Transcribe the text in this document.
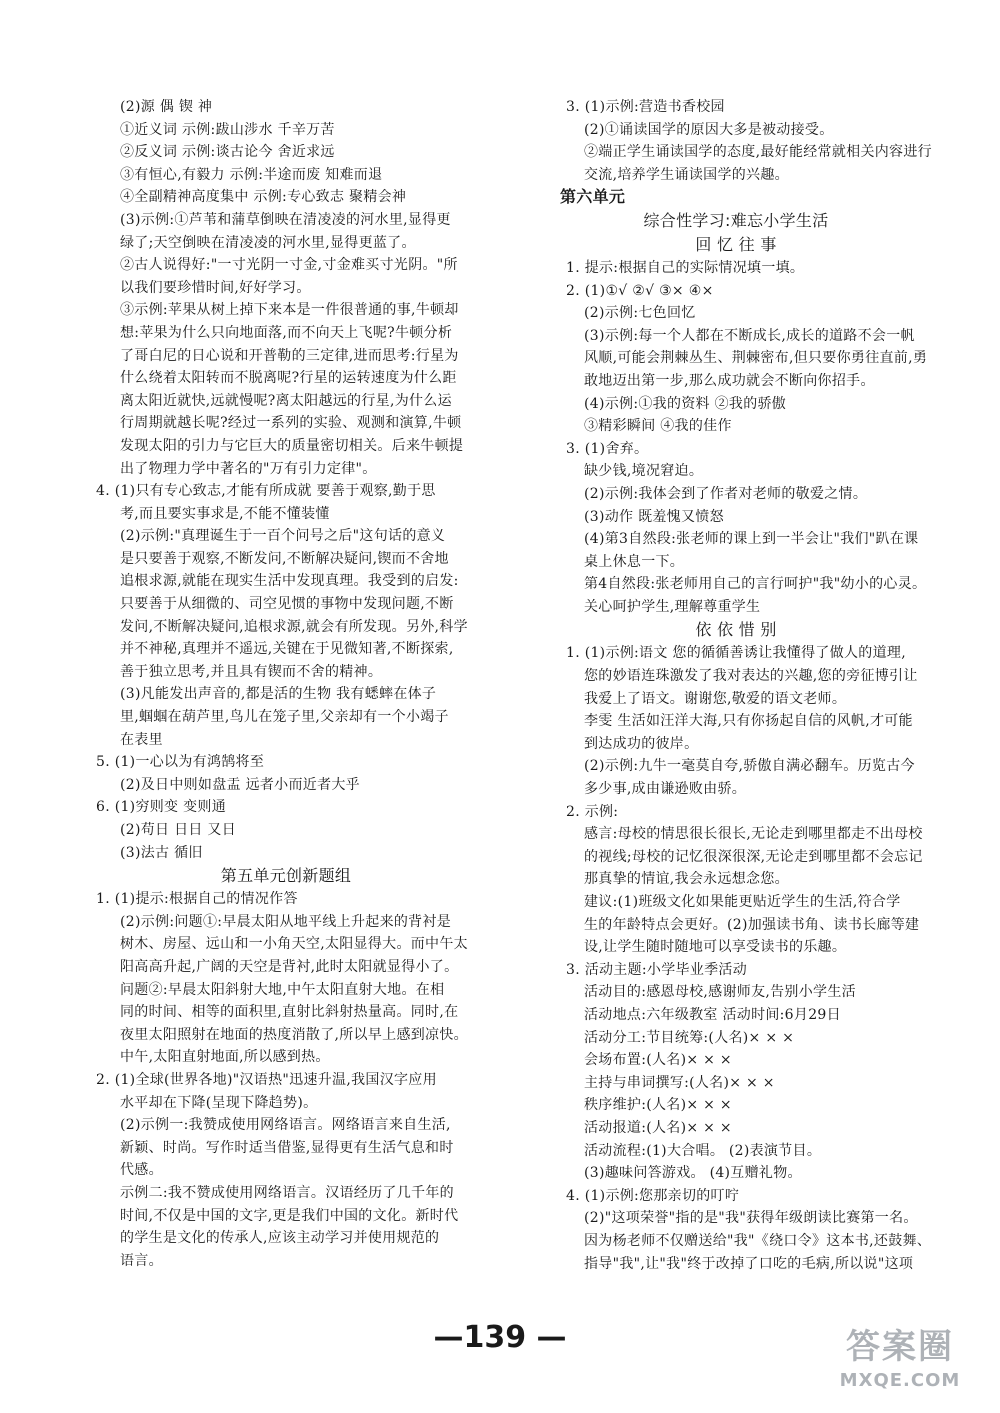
(2)源 偶 锲 神
①近义词 示例:跋山涉水 千辛万苦
②反义词 示例:谈古论今 舍近求远
③有恒心,有毅力 示例:半途而废 知难而退
④全副精神高度集中 示例:专心致志 聚精会神
(3)示例:①芦苇和蒲草倒映在清凌凌的河水里,显得更
绿了;天空倒映在清凌凌的河水里,显得更蓝了。
②古人说得好:"一寸光阴一寸金,寸金难买寸光阴。"所
以我们要珍惜时间,好好学习。
③示例:苹果从树上掉下来本是一件很普通的事,牛顿却
想:苹果为什么只向地面落,而不向天上飞呢?牛顿分析
了哥白尼的日心说和开普勒的三定律,进而思考:行星为
什么绕着太阳转而不脱离呢?行星的运转速度为什么距
离太阳近就快,远就慢呢?离太阳越远的行星,为什么运
行周期就越长呢?经过一系列的实验、观测和演算,牛顿
发现太阳的引力与它巨大的质量密切相关。后来牛顿提
出了物理力学中著名的"万有引力定律"。
4. (1)只有专心致志,才能有所成就 要善于观察,勤于思
考,而且要实事求是,不能不懂装懂
(2)示例:"真理诞生于一百个问号之后"这句话的意义
是只要善于观察,不断发问,不断解决疑问,锲而不舍地
追根求源,就能在现实生活中发现真理。我受到的启发:
只要善于从细微的、司空见惯的事物中发现问题,不断
发问,不断解决疑问,追根求源,就会有所发现。另外,科学
并不神秘,真理并不遥远,关键在于见微知著,不断探索,
善于独立思考,并且具有锲而不舍的精神。
(3)凡能发出声音的,都是活的生物 我有蟋蟀在体子
里,蝈蝈在葫芦里,鸟儿在笼子里,父亲却有一个小竭子
在表里
5. (1)一心以为有鸿鹄将至
(2)及日中则如盘盂 远者小而近者大乎
6. (1)穷则变 变则通
(2)苟日 日日 又日
(3)法古 循旧
第五单元创新题组
1. (1)提示:根据自己的情况作答
(2)示例:问题①:早晨太阳从地平线上升起来的背衬是
树木、房屋、远山和一小角天空,太阳显得大。而中午太
阳高高升起,广阔的天空是背衬,此时太阳就显得小了。
问题②:早晨太阳斜射大地,中午太阳直射大地。在相
同的时间、相等的面积里,直射比斜射热量高。同时,在
夜里太阳照射在地面的热度消散了,所以早上感到凉快。
中午,太阳直射地面,所以感到热。
2. (1)全球(世界各地)"汉语热"迅速升温,我国汉字应用
水平却在下降(呈现下降趋势)。
(2)示例一:我赞成使用网络语言。网络语言来自生活,
新颖、时尚。写作时适当借鉴,显得更有生活气息和时
代感。
示例二:我不赞成使用网络语言。汉语经历了几千年的
时间,不仅是中国的文字,更是我们中国的文化。新时代
的学生是文化的传承人,应该主动学习并使用规范的
语言。
3. (1)示例:营造书香校园
(2)①诵读国学的原因大多是被动接受。
②端正学生诵读国学的态度,最好能经常就相关内容进行
交流,培养学生诵读国学的兴趣。
第六单元
综合性学习:难忘小学生活
回 忆 往 事
1. 提示:根据自己的实际情况填一填。
2. (1)①√ ②√ ③× ④×
(2)示例:七色回忆
(3)示例:每一个人都在不断成长,成长的道路不会一帆
风顺,可能会荆棘丛生、荆棘密布,但只要你勇往直前,勇
敢地迈出第一步,那么成功就会不断向你招手。
(4)示例:①我的资料 ②我的骄傲
③精彩瞬间 ④我的佳作
3. (1)舍弃。
缺少钱,境况窘迫。
(2)示例:我体会到了作者对老师的敬爱之情。
(3)动作 既羞愧又愤怒
(4)第3自然段:张老师的课上到一半会让"我们"趴在课
桌上休息一下。
第4自然段:张老师用自己的言行呵护"我"幼小的心灵。
关心呵护学生,理解尊重学生
依 依 惜 别
1. (1)示例:语文 您的循循善诱让我懂得了做人的道理,
您的妙语连珠激发了我对表达的兴趣,您的旁征博引让
我爱上了语文。谢谢您,敬爱的语文老师。
李雯 生活如汪洋大海,只有你扬起自信的风帆,才可能
到达成功的彼岸。
(2)示例:九牛一毫莫自夸,骄傲自满必翻车。历览古今
多少事,成由谦逊败由骄。
2. 示例:
感言:母校的情思很长很长,无论走到哪里都走不出母校
的视线;母校的记忆很深很深,无论走到哪里都不会忘记
那真挚的情谊,我会永远想念您。
建议:(1)班级文化如果能更贴近学生的生活,符合学
生的年龄特点会更好。(2)加强读书角、读书长廊等建
设,让学生随时随地可以享受读书的乐趣。
3. 活动主题:小学毕业季活动
活动目的:感恩母校,感谢师友,告别小学生活
活动地点:六年级教室 活动时间:6月29日
活动分工:节目统筹:(人名)× × ×
会场布置:(人名)× × ×
主持与串词撰写:(人名)× × ×
秩序维护:(人名)× × ×
活动报道:(人名)× × ×
活动流程:(1)大合唱。 (2)表演节目。
(3)趣味问答游戏。 (4)互赠礼物。
4. (1)示例:您那亲切的叮咛
(2)"这项荣誉"指的是"我"获得年级朗读比赛第一名。
因为杨老师不仅赠送给"我"《绕口令》这本书,还鼓舞、
指导"我",让"我"终于改掉了口吃的毛病,所以说"这项
—139 —	答案圈
MXQE.COM
